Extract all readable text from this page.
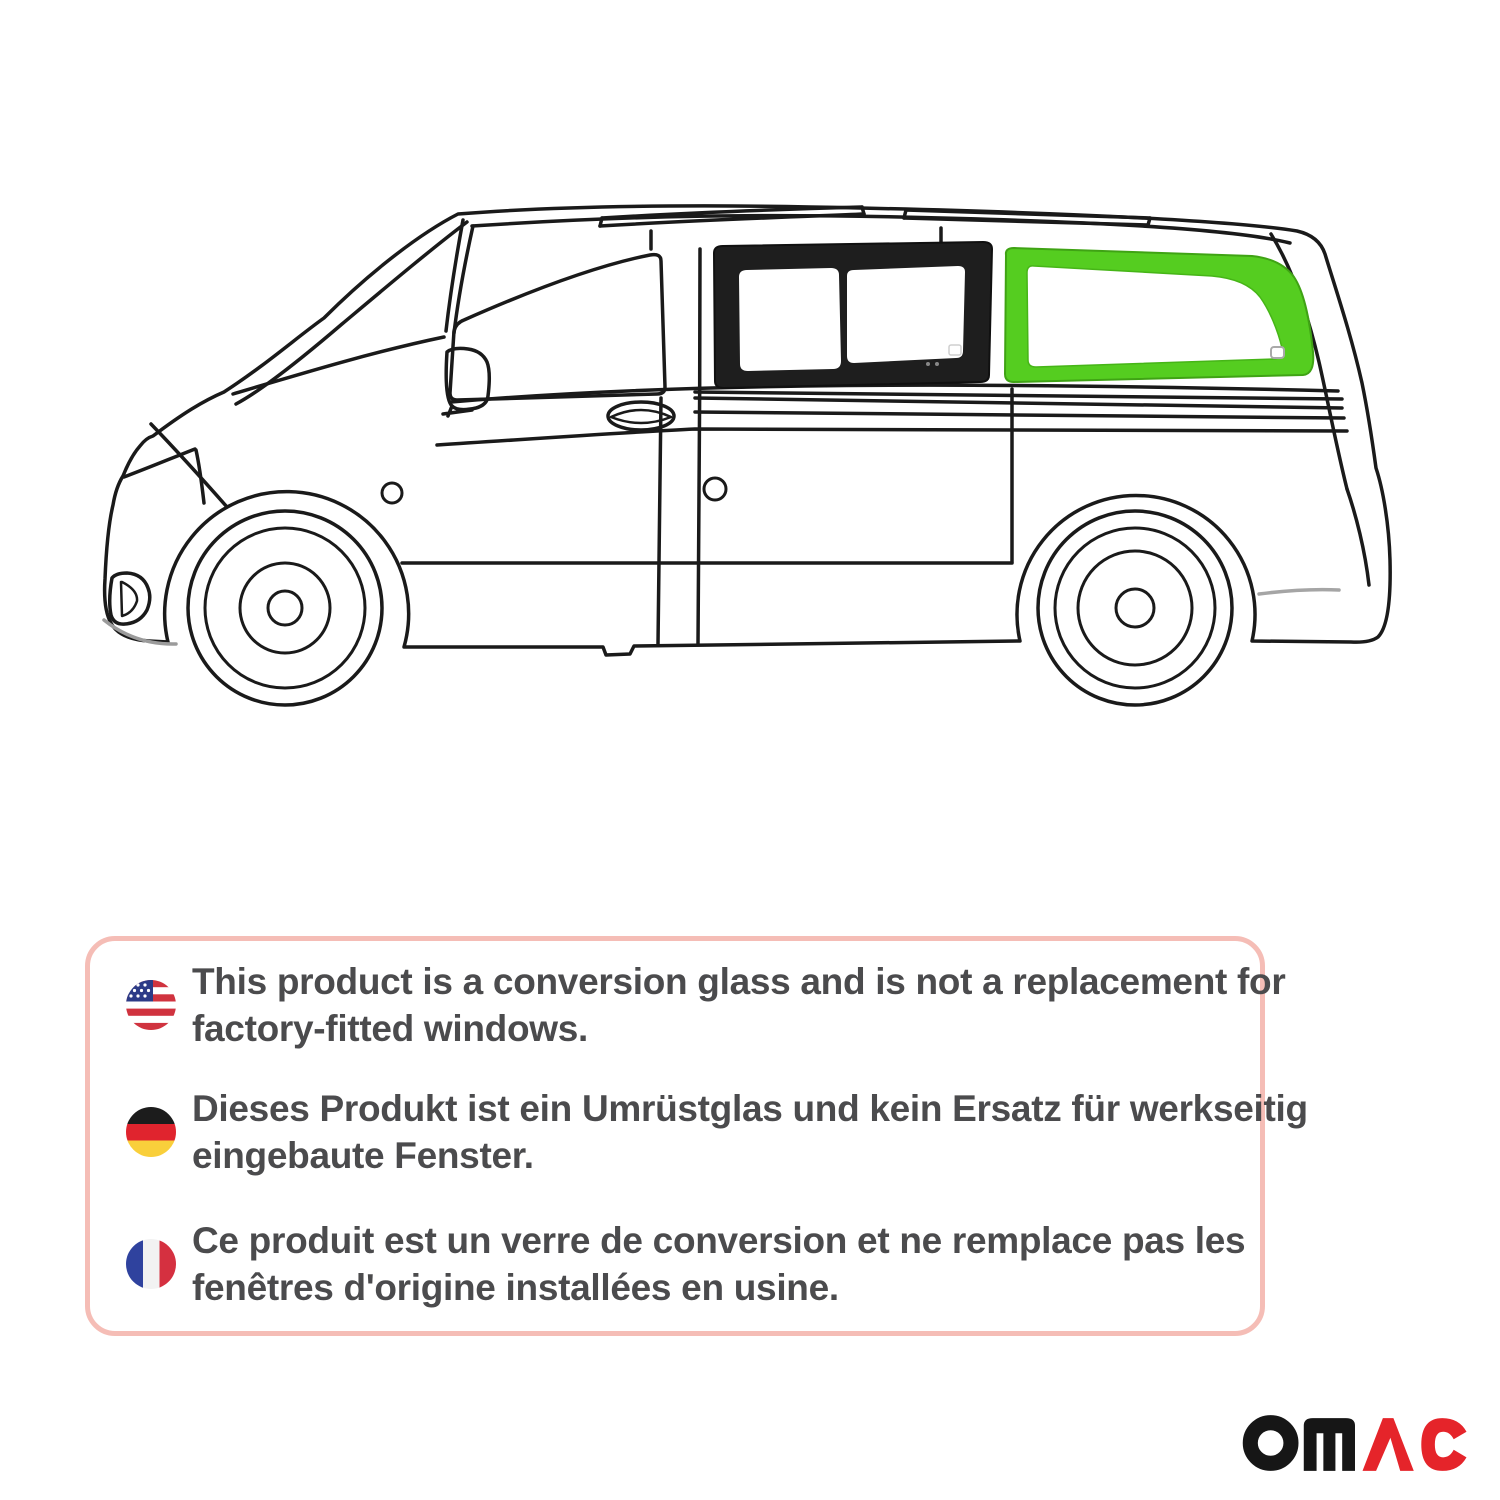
This product is a conversion glass and is not a replacement for
factory-fitted windows.
Dieses Produkt ist ein Umrüstglas und kein Ersatz für werkseitig
eingebaute Fenster.
Ce produit est un verre de conversion et ne remplace pas les
fenêtres d'origine installées en usine.
